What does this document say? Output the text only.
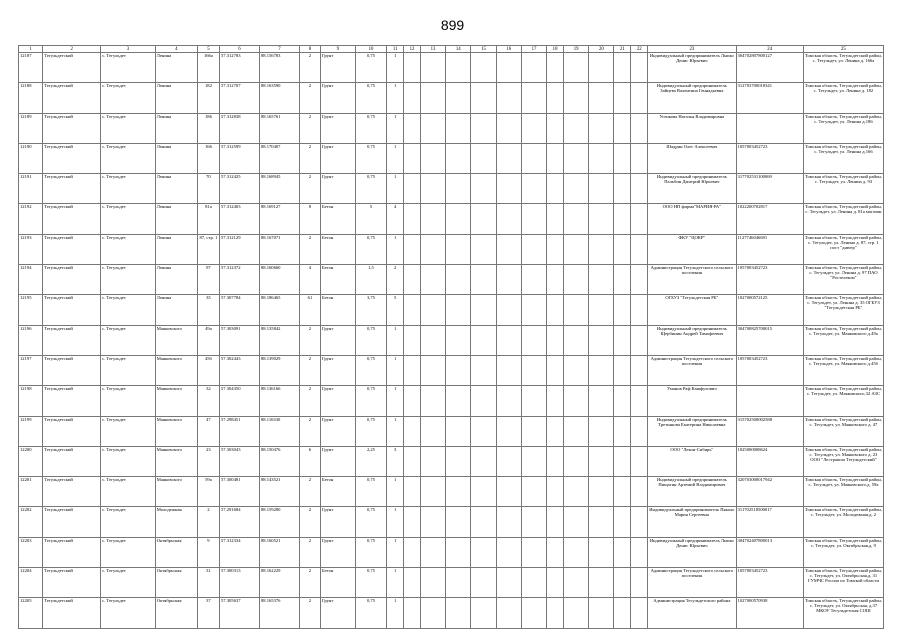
899
1	2	3	4	5	6	7	8	9	10	11	12	13	14	15	16	17	18	19	20	21	22	23	24	25
12187	Тегульдетский	с. Тегульдет	Ленина	166а	57.312783	88.156783	2	Грунт	0,75	1												Индивидуальный предприниматель Лыпко Денис Юрьевич	304702807800127	Томская область, Тегульдетский район, с. Тегульдет, ул. Ленина д. 166а
12188	Тегульдетский	с. Тегульдет	Ленина	182	57.312707	88.163590	2	Грунт	0,75	1												Индивидуальный предприниматель Зайцева Валентина Геннадьевна	312703700018341	Томская область, Тегульдетский район, с. Тегульдет, ул. Ленина д. 182
12189	Тегульдетский	с. Тегульдет	Ленина	186	57.312838	88.165761	2	Грунт	0,75	1												Усенкова Наталья Владимировна		Томская область, Тегульдетский район, с. Тегульдет, ул. Ленина д.186
12190	Тегульдетский	с. Тегульдет	Ленина	166	57.312599	88.170407	2	Грунт	0,75	1												Шадрин Олег Алексеевич	1057003452723	Томская область, Тегульдетский район, с. Тегульдет, ул. Ленина д.166
12191	Тегульдетский	с. Тегульдет	Ленина	70	57.312425	88.168945	2	Грунт	0,75	1												Индивидуальный предприниматель Пальбин Дмитрий Юрьевич	317702531100069	Томская область, Тегульдетский район, с. Тегульдет, ул. Ленина д. 93
12192	Тегульдетский	с. Тегульдет	Ленина	81а	57.312403	88.169127	8	Бетон	5	4												ООО НП фирма"МАРИЯ-РА"	1022200702817	Томская область, Тегульдетский район, с. Тегульдет, ул. Ленина д. 81а магазин
12193	Тегульдетский	с. Тегульдет	Ленина	87, стр. 1	57.312129	88.167071	2	Бетон	0,75	1												ФКУ "ЦОКР"	1127746046691	Томская область, Тегульдетский район, с. Тегульдет, ул. Ленина д. 87, стр. 1 пост "днюер"
12194	Тегульдетский	с. Тегульдет	Ленина	97	57.312372	88.160660	4	Бетон	1,5	2												Администрация Тегульдетского сельского поселения	1057003452723	Томская область, Тегульдетский район, с. Тегульдет, ул. Ленина д. 97 ПАО "Ростелеком"
12195	Тегульдетский	с. Тегульдет	Ленина	35	57.307784	88.186465	61	Бетон	3,75	5												ОГБУЗ "Тегульдетская РБ"	1027000572125	Томская область, Тегульдетский район, с. Тегульдет, ул. Ленина д. 35 ОГБУЗ "Тегульдетская РБ"
12196	Тегульдетский	с. Тегульдет	Маяковского	49а	57.303091	88.135842	2	Грунт	0,75	1												Индивидуальный предприниматель Щербинин Андрей Тимофеевич	304700825700015	Томская область, Тегульдетский район, с. Тегульдет, ул. Маяковского д.49а
12197	Тегульдетский	с. Тегульдет	Маяковского	45б	57.302443	88.139029	2	Грунт	0,75	1												Администрация Тегульдетского сельского поселения	1057003452723	Томская область, Тегульдетский район, с. Тегульдет, ул. Маяковского д.45б
12198	Тегульдетский	с. Тегульдет	Маяковского	32	57.304350	88.136166	2	Грунт	0,75	1												Уманов Раф Кашфулович		Томская область, Тегульдетский район, с. Тегульдет, ул. Маяковского,32 АЗС
12199	Тегульдетский	с. Тегульдет	Маяковского	47	57.298451	88.116330	2	Грунт	0,75	1												Индивидуальный предприниматель Третьякова Екатерина Николаевна	315702500002588	Томская область, Тегульдетский район, с. Тегульдет, ул. Маяковского д. 47
12200	Тегульдетский	с. Тегульдет	Маяковского	23	57.303043	88.150476	6	Грунт	2,25	3												ООО "Лекон-Сибирь"	1025000008624	Томская область, Тегульдетский район, с. Тегульдет, ул. Маяковского д. 23 ООО "Лестрашпа Тегульдетский"
12201	Тегульдетский	с. Тегульдет	Маяковского	59а	57.300481	88.143521	2	Бетон	0,75	1												Индивидуальный предприниматель Пищагин Артемий Владимирович	320703000017942	Томская область, Тегульдетский район, с. Тегульдет, ул. Маяковского,д. 59а
12202	Тегульдетский	с. Тегульдет	Молодежная	2	57.291684	88.159280	2	Грунт	0,75	1												Индивидуальный предприниматель Пякало Мария Сергеевна	311702518500017	Томская область, Тегульдетский район, с. Тегульдет, ул. Молодежная,д. 2
12203	Тегульдетский	с. Тегульдет	Октябрьская	9	57.312334	88.160521	2	Грунт	0,75	1												Индивидуальный предприниматель Лыпко Денис Юрьевич	304702407800013	Томская область, Тегульдетский район, с. Тегульдет, ул. Октябрьская,д. 9
12204	Тегульдетский	с. Тегульдет	Октябрьская	31	57.300313	88.162229	2	Бетон	0,75	1												Администрация Тегульдетского сельского поселения	1057003452723	Томская область, Тегульдетский район, с. Тегульдет, ул. Октябрьская,д. 31 ГУМЧС России по Томской области
12205	Тегульдетский	с. Тегульдет	Октябрьская	37	57.305637	88.165376	2	Грунт	0,75	1												Администрация Тегульдетского района	1027000570938	Томская область, Тегульдетский район, с. Тегульдет, ул. Октябрьская, д.37 МКОУ Тегульдетская СОШ
